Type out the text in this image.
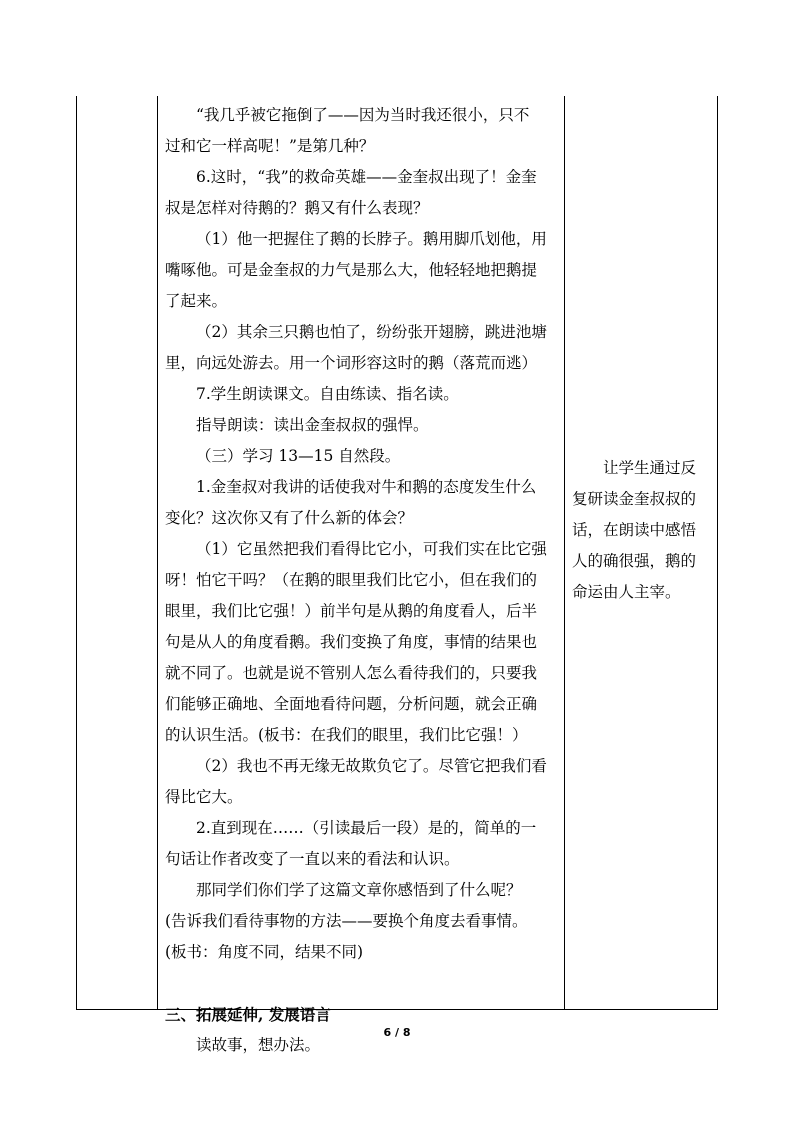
“我几乎被它拖倒了——因为当时我还很小，只不
过和它一样高呢！”是第几种？
6.这时，“我”的救命英雄——金奎叔出现了！金奎
叔是怎样对待鹅的？鹅又有什么表现？
（1）他一把握住了鹅的长脖子。鹅用脚爪划他，用
嘴啄他。可是金奎叔的力气是那么大，他轻轻地把鹅提
了起来。
（2）其余三只鹅也怕了，纷纷张开翅膀，跳进池塘
里，向远处游去。用一个词形容这时的鹅（落荒而逃）
7.学生朗读课文。自由练读、指名读。
指导朗读：读出金奎叔叔的强悍。
（三）学习 13—15 自然段。
1.金奎叔对我讲的话使我对牛和鹅的态度发生什么
变化？这次你又有了什么新的体会？
（1）它虽然把我们看得比它小，可我们实在比它强
呀！怕它干吗？（在鹅的眼里我们比它小，但在我们的
眼里，我们比它强！）前半句是从鹅的角度看人，后半
句是从人的角度看鹅。我们变换了角度，事情的结果也
就不同了。也就是说不管别人怎么看待我们的，只要我
们能够正确地、全面地看待问题，分析问题，就会正确
的认识生活。(板书：在我们的眼里，我们比它强！）
（2）我也不再无缘无故欺负它了。尽管它把我们看
得比它大。
2.直到现在……（引读最后一段）是的，简单的一
句话让作者改变了一直以来的看法和认识。
那同学们你们学了这篇文章你感悟到了什么呢？
(告诉我们看待事物的方法——要换个角度去看事情。
(板书：角度不同，结果不同)
三、拓展延伸, 发展语言
读故事，想办法。
　　让学生通过反
复研读金奎叔叔的
话，在朗读中感悟
人的确很强，鹅的
命运由人主宰。
6 / 8
